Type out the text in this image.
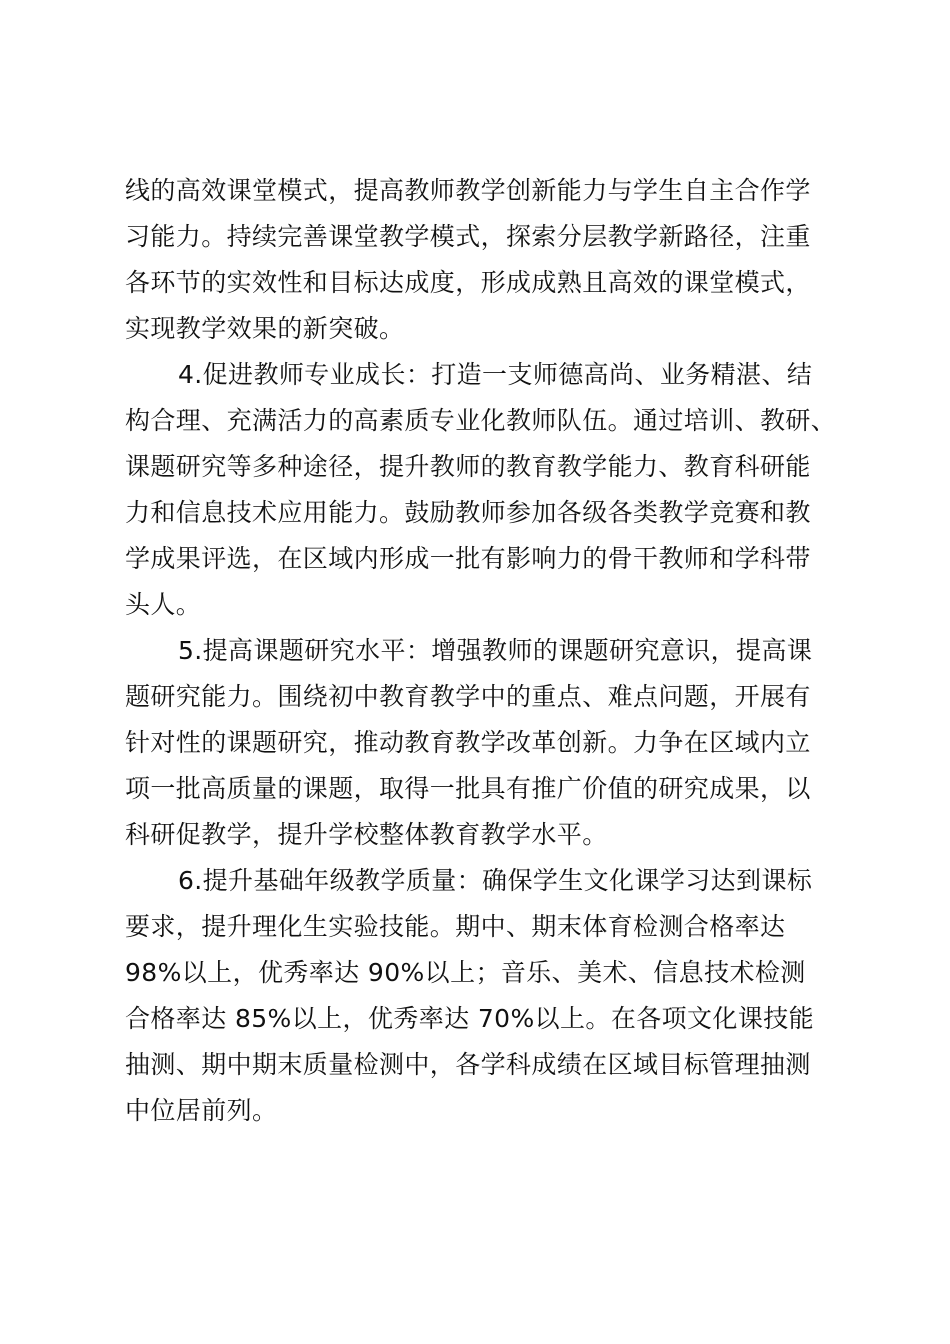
线的高效课堂模式，提高教师教学创新能力与学生自主合作学
习能力。持续完善课堂教学模式，探索分层教学新路径，注重
各环节的实效性和目标达成度，形成成熟且高效的课堂模式，
实现教学效果的新突破。
4.促进教师专业成长：打造一支师德高尚、业务精湛、结
构合理、充满活力的高素质专业化教师队伍。通过培训、教研、
课题研究等多种途径，提升教师的教育教学能力、教育科研能
力和信息技术应用能力。鼓励教师参加各级各类教学竞赛和教
学成果评选，在区域内形成一批有影响力的骨干教师和学科带
头人。
5.提高课题研究水平：增强教师的课题研究意识，提高课
题研究能力。围绕初中教育教学中的重点、难点问题，开展有
针对性的课题研究，推动教育教学改革创新。力争在区域内立
项一批高质量的课题，取得一批具有推广价值的研究成果，以
科研促教学，提升学校整体教育教学水平。
6.提升基础年级教学质量：确保学生文化课学习达到课标
要求，提升理化生实验技能。期中、期末体育检测合格率达
98%以上，优秀率达 90%以上；音乐、美术、信息技术检测
合格率达 85%以上，优秀率达 70%以上。在各项文化课技能
抽测、期中期末质量检测中，各学科成绩在区域目标管理抽测
中位居前列。
